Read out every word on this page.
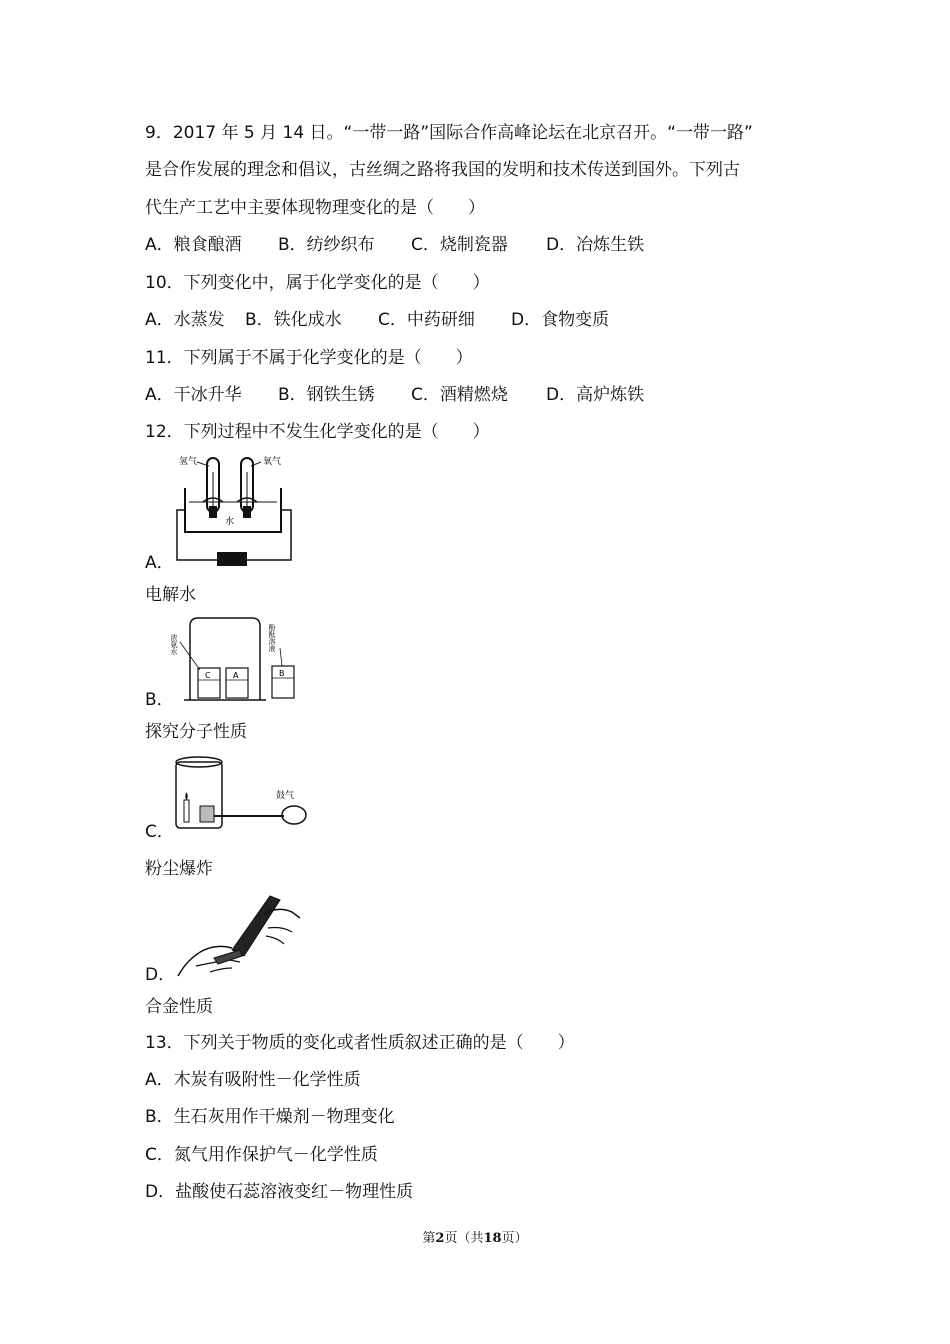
9．2017 年 5 月 14 日。“一带一路”国际合作高峰论坛在北京召开。“一带一路”
是合作发展的理念和倡议，古丝绸之路将我国的发明和技术传送到国外。下列古
代生产工艺中主要体现物理变化的是（　　）
A．粮食酿酒 B．纺纱织布 C．烧制瓷器 D．冶炼生铁
10．下列变化中，属于化学变化的是（　　）
A．水蒸发 B．铁化成水 C．中药研细 D．食物变质
11．下列属于不属于化学变化的是（　　）
A．干冰升华 B．钢铁生锈 C．酒精燃烧 D．高炉炼铁
12．下列过程中不发生化学变化的是（　　）
氢气	氧气
水
A．
电解水
浓氨水	酚酞溶液
C	A	B
B．
探究分子性质
鼓气
C．
粉尘爆炸
D．
合金性质
13．下列关于物质的变化或者性质叙述正确的是（　　）
A．木炭有吸附性－化学性质
B．生石灰用作干燥剂－物理变化
C．氮气用作保护气－化学性质
D．盐酸使石蕊溶液变红－物理性质
第2页（共18页）
